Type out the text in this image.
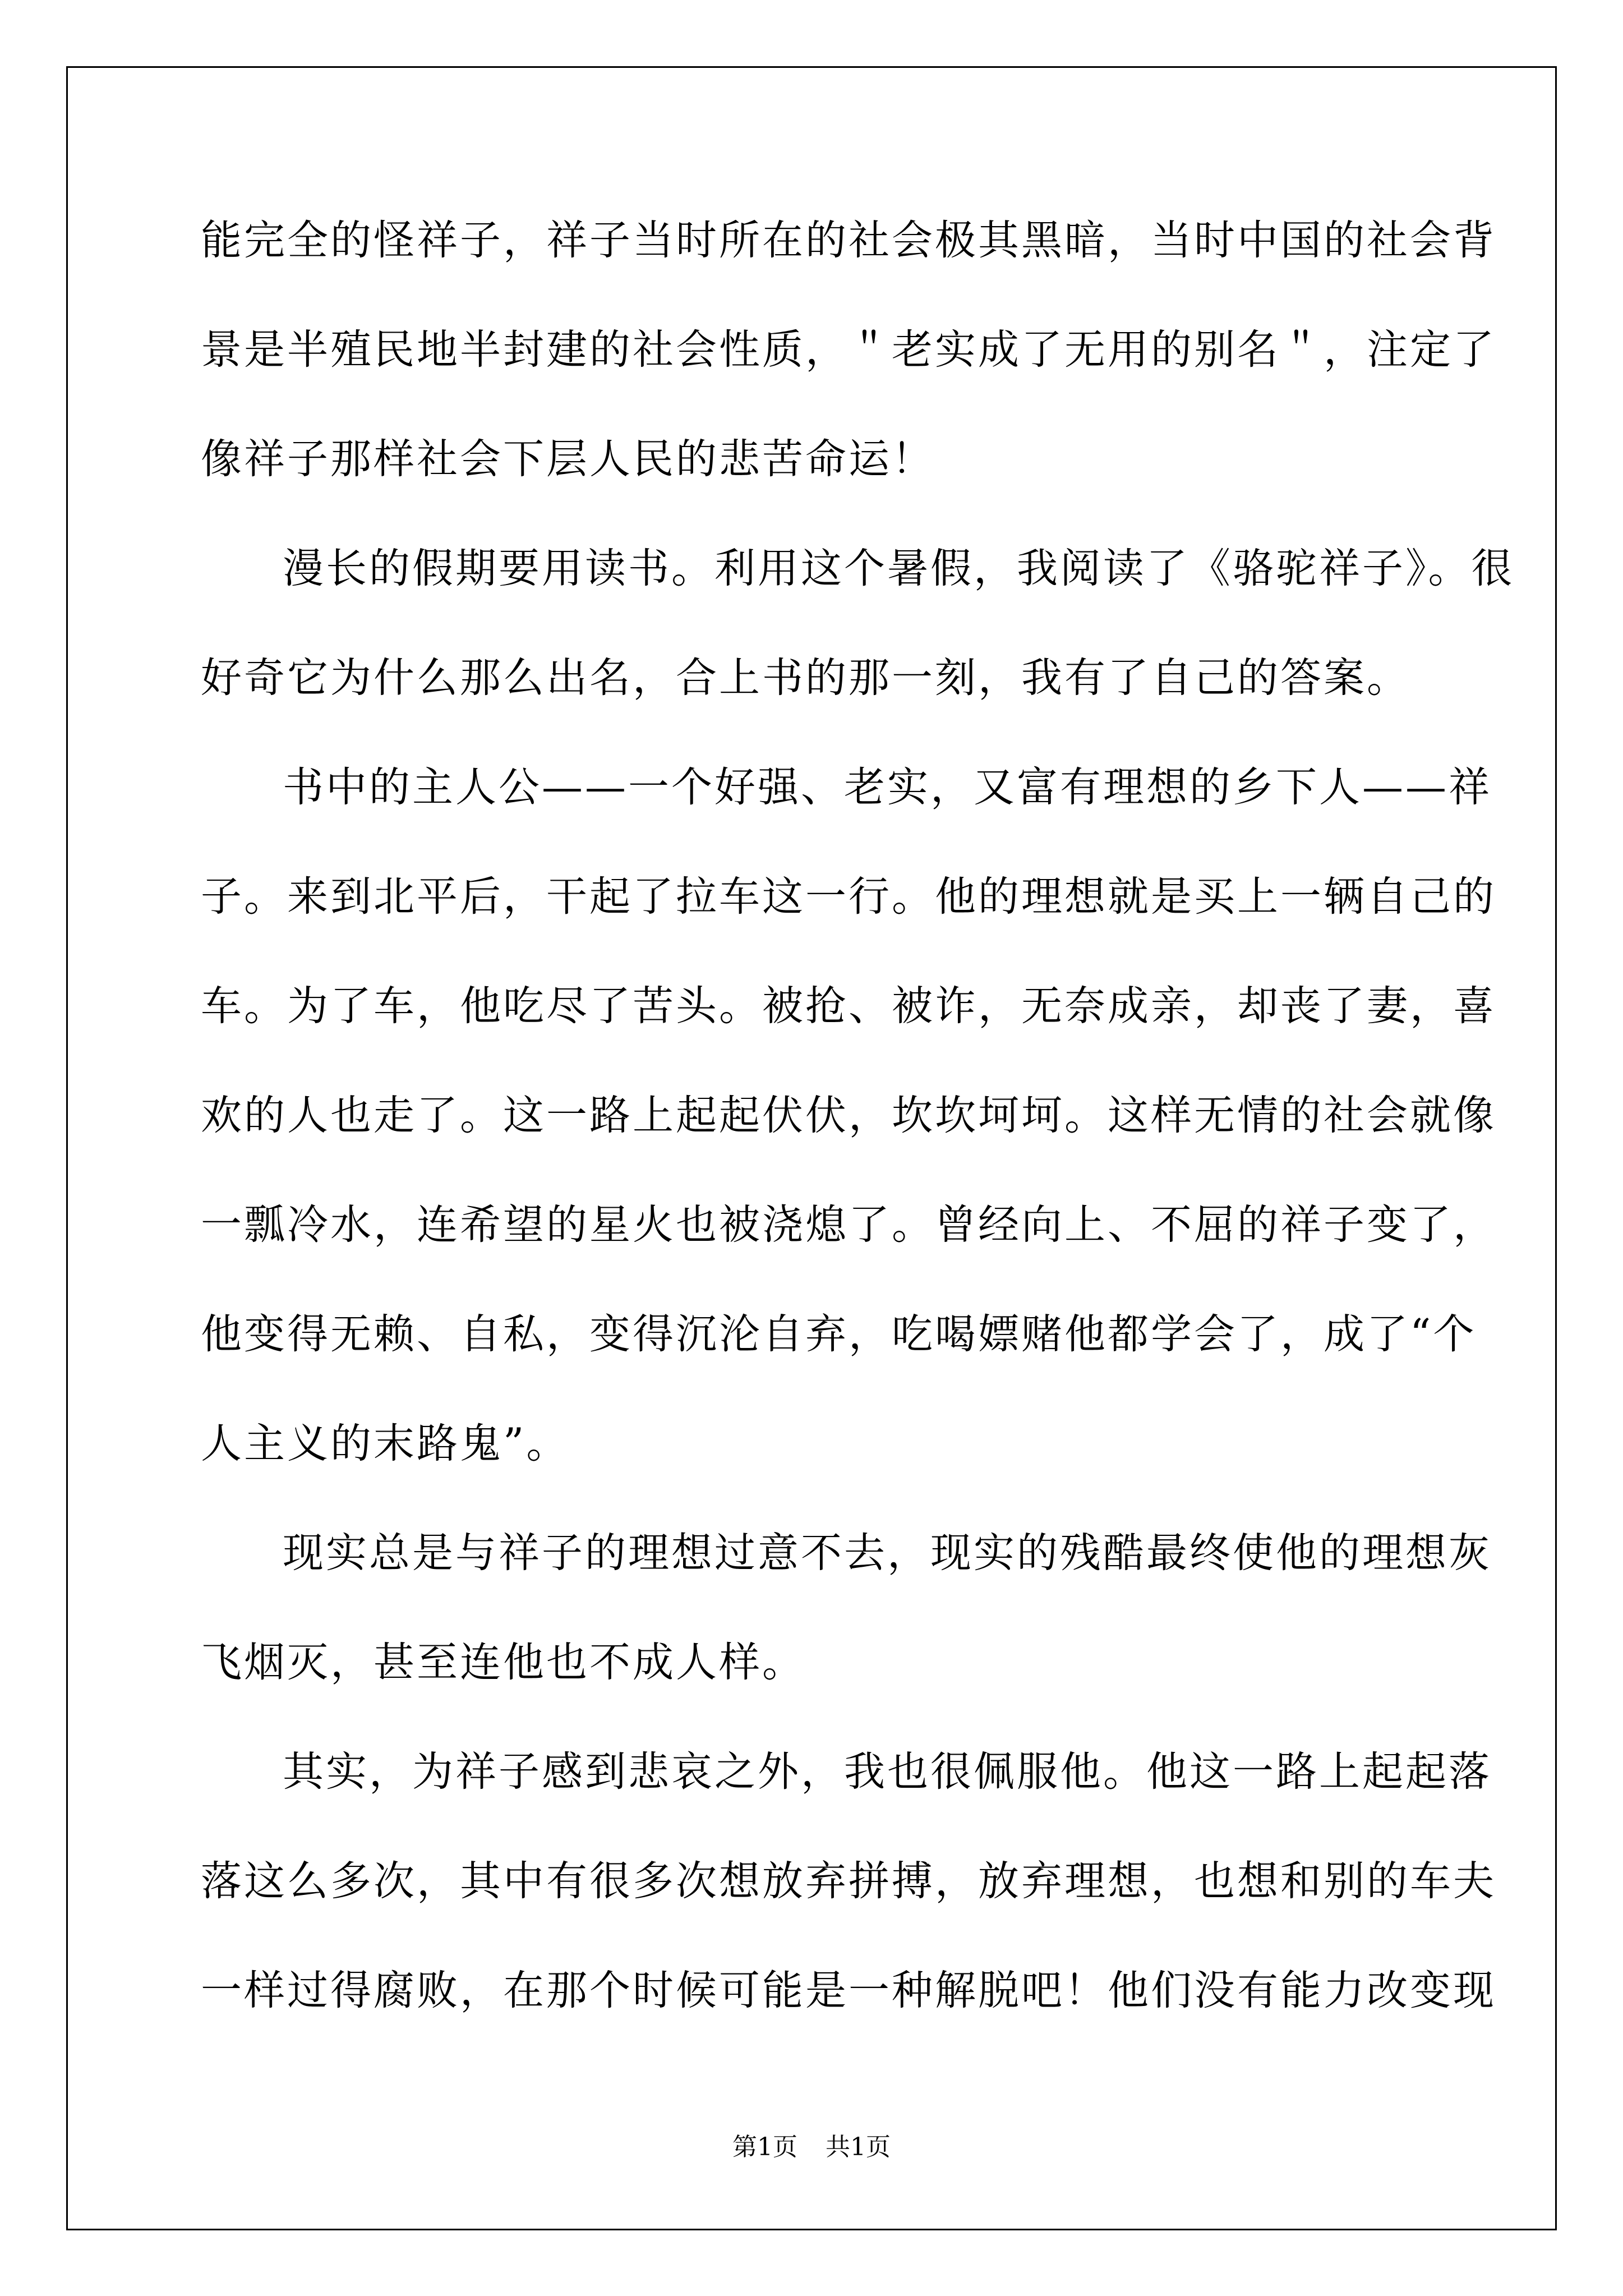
能完全的怪祥子，祥子当时所在的社会极其黑暗，当时中国的社会背
景是半殖民地半封建的社会性质，＂老实成了无用的别名＂，注定了
像祥子那样社会下层人民的悲苦命运！
漫长的假期要用读书。利用这个暑假，我阅读了《骆驼祥子》。很
好奇它为什么那么出名，合上书的那一刻，我有了自己的答案。
书中的主人公——一个好强、老实，又富有理想的乡下人——祥
子。来到北平后，干起了拉车这一行。他的理想就是买上一辆自己的
车。为了车，他吃尽了苦头。被抢、被诈，无奈成亲，却丧了妻，喜
欢的人也走了。这一路上起起伏伏，坎坎坷坷。这样无情的社会就像
一瓢冷水，连希望的星火也被浇熄了。曾经向上、不屈的祥子变了，
他变得无赖、自私，变得沉沦自弃，吃喝嫖赌他都学会了，成了“个
人主义的末路鬼”。
现实总是与祥子的理想过意不去，现实的残酷最终使他的理想灰
飞烟灭，甚至连他也不成人样。
其实，为祥子感到悲哀之外，我也很佩服他。他这一路上起起落
落这么多次，其中有很多次想放弃拼搏，放弃理想，也想和别的车夫
一样过得腐败，在那个时候可能是一种解脱吧！他们没有能力改变现
第1页 共1页
